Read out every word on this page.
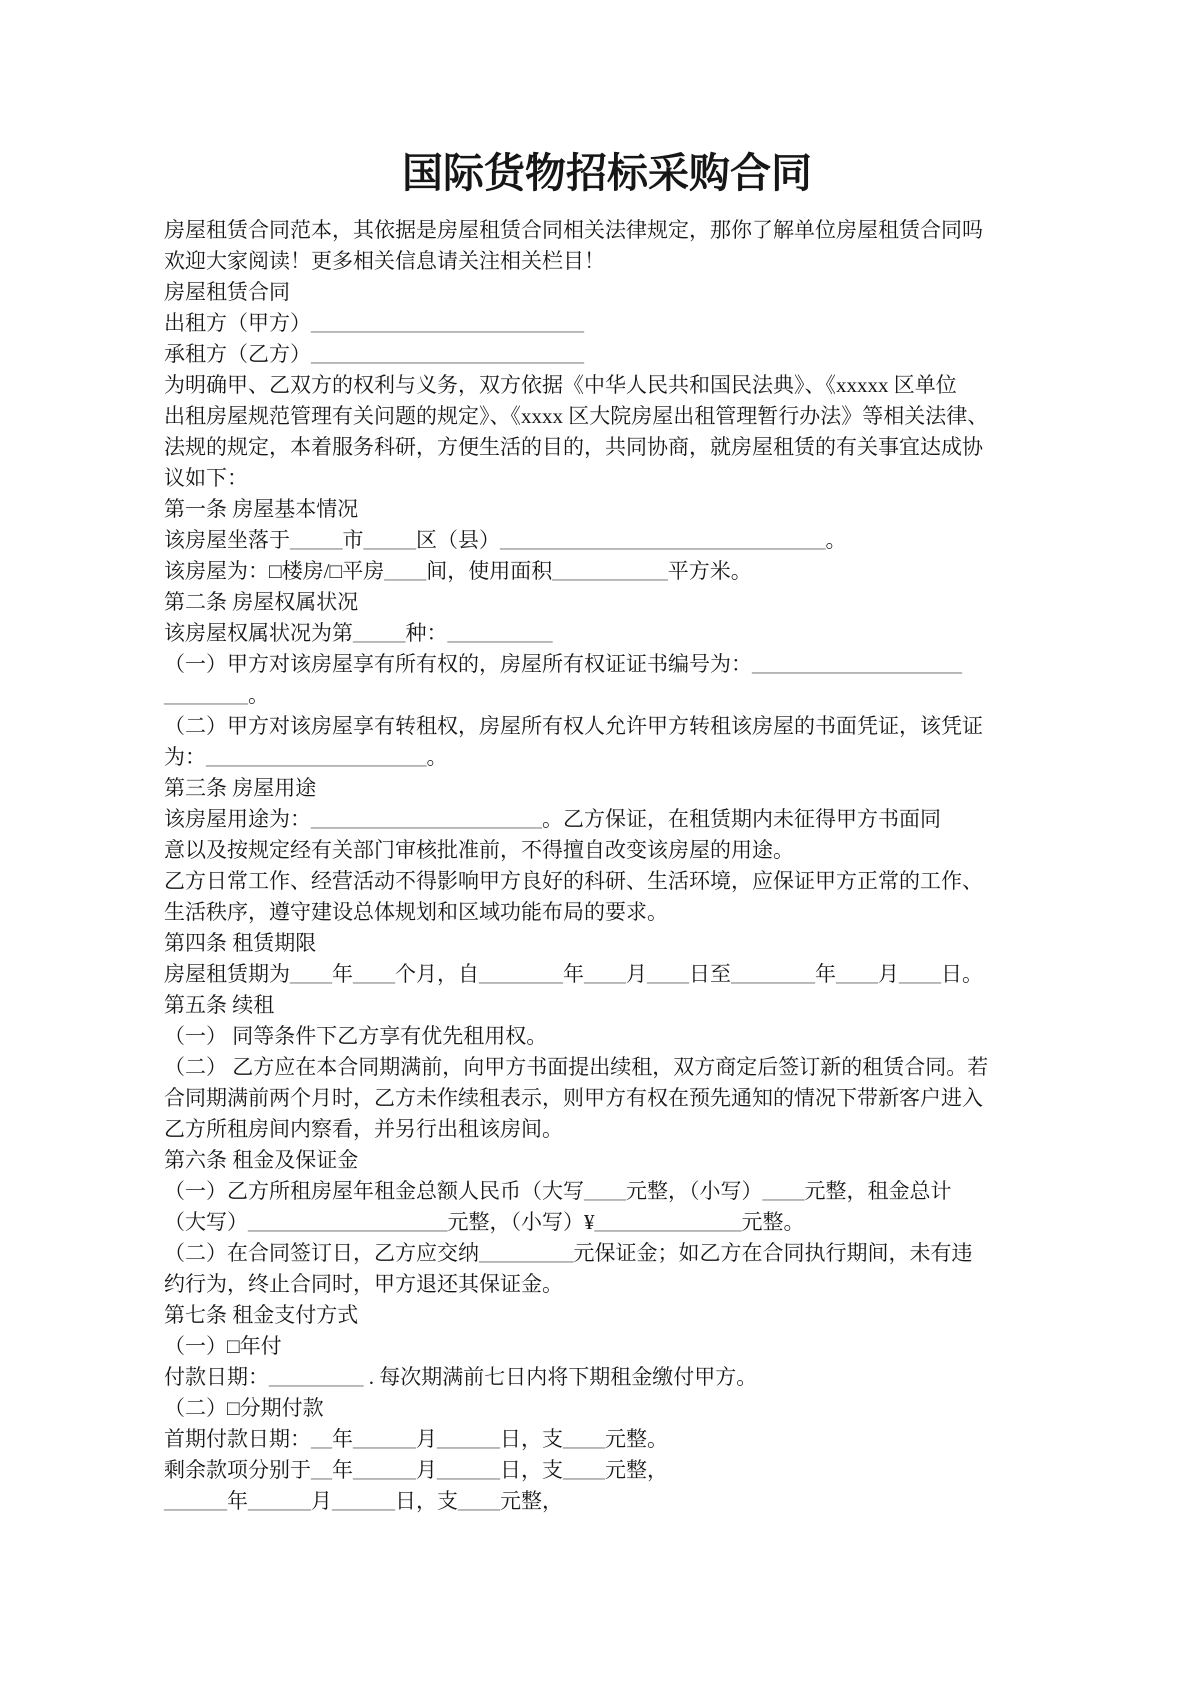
国际货物招标采购合同
房屋租赁合同范本，其依据是房屋租赁合同相关法律规定，那你了解单位房屋租赁合同吗
欢迎大家阅读！更多相关信息请关注相关栏目！
房屋租赁合同
出租方（甲方）__________________________
承租方（乙方）__________________________
为明确甲、乙双方的权利与义务，双方依据《中华人民共和国民法典》、《xxxxx 区单位
出租房屋规范管理有关问题的规定》、《xxxx 区大院房屋出租管理暂行办法》等相关法律、
法规的规定，本着服务科研，方便生活的目的，共同协商，就房屋租赁的有关事宜达成协
议如下：
第一条 房屋基本情况
该房屋坐落于_____市_____区（县）_______________________________。
该房屋为：□楼房/□平房____间，使用面积___________平方米。
第二条 房屋权属状况
该房屋权属状况为第_____种：__________
（一）甲方对该房屋享有所有权的，房屋所有权证证书编号为：____________________
________。
（二）甲方对该房屋享有转租权，房屋所有权人允许甲方转租该房屋的书面凭证，该凭证
为：_____________________。
第三条 房屋用途
该房屋用途为：______________________。乙方保证，在租赁期内未征得甲方书面同
意以及按规定经有关部门审核批准前，不得擅自改变该房屋的用途。
乙方日常工作、经营活动不得影响甲方良好的科研、生活环境，应保证甲方正常的工作、
生活秩序，遵守建设总体规划和区域功能布局的要求。
第四条 租赁期限
房屋租赁期为____年____个月，自________年____月____日至________年____月____日。
第五条 续租
（一） 同等条件下乙方享有优先租用权。
（二） 乙方应在本合同期满前，向甲方书面提出续租，双方商定后签订新的租赁合同。若
合同期满前两个月时，乙方未作续租表示，则甲方有权在预先通知的情况下带新客户进入
乙方所租房间内察看，并另行出租该房间。
第六条 租金及保证金
（一）乙方所租房屋年租金总额人民币（大写____元整，（小写）____元整，租金总计
（大写）___________________元整，（小写）¥______________元整。
（二）在合同签订日，乙方应交纳_________元保证金；如乙方在合同执行期间，未有违
约行为，终止合同时，甲方退还其保证金。
第七条 租金支付方式
（一）□年付
付款日期：_________ . 每次期满前七日内将下期租金缴付甲方。
（二）□分期付款
首期付款日期：__年______月______日，支____元整。
剩余款项分别于__年______月______日，支____元整，
______年______月______日，支____元整，
